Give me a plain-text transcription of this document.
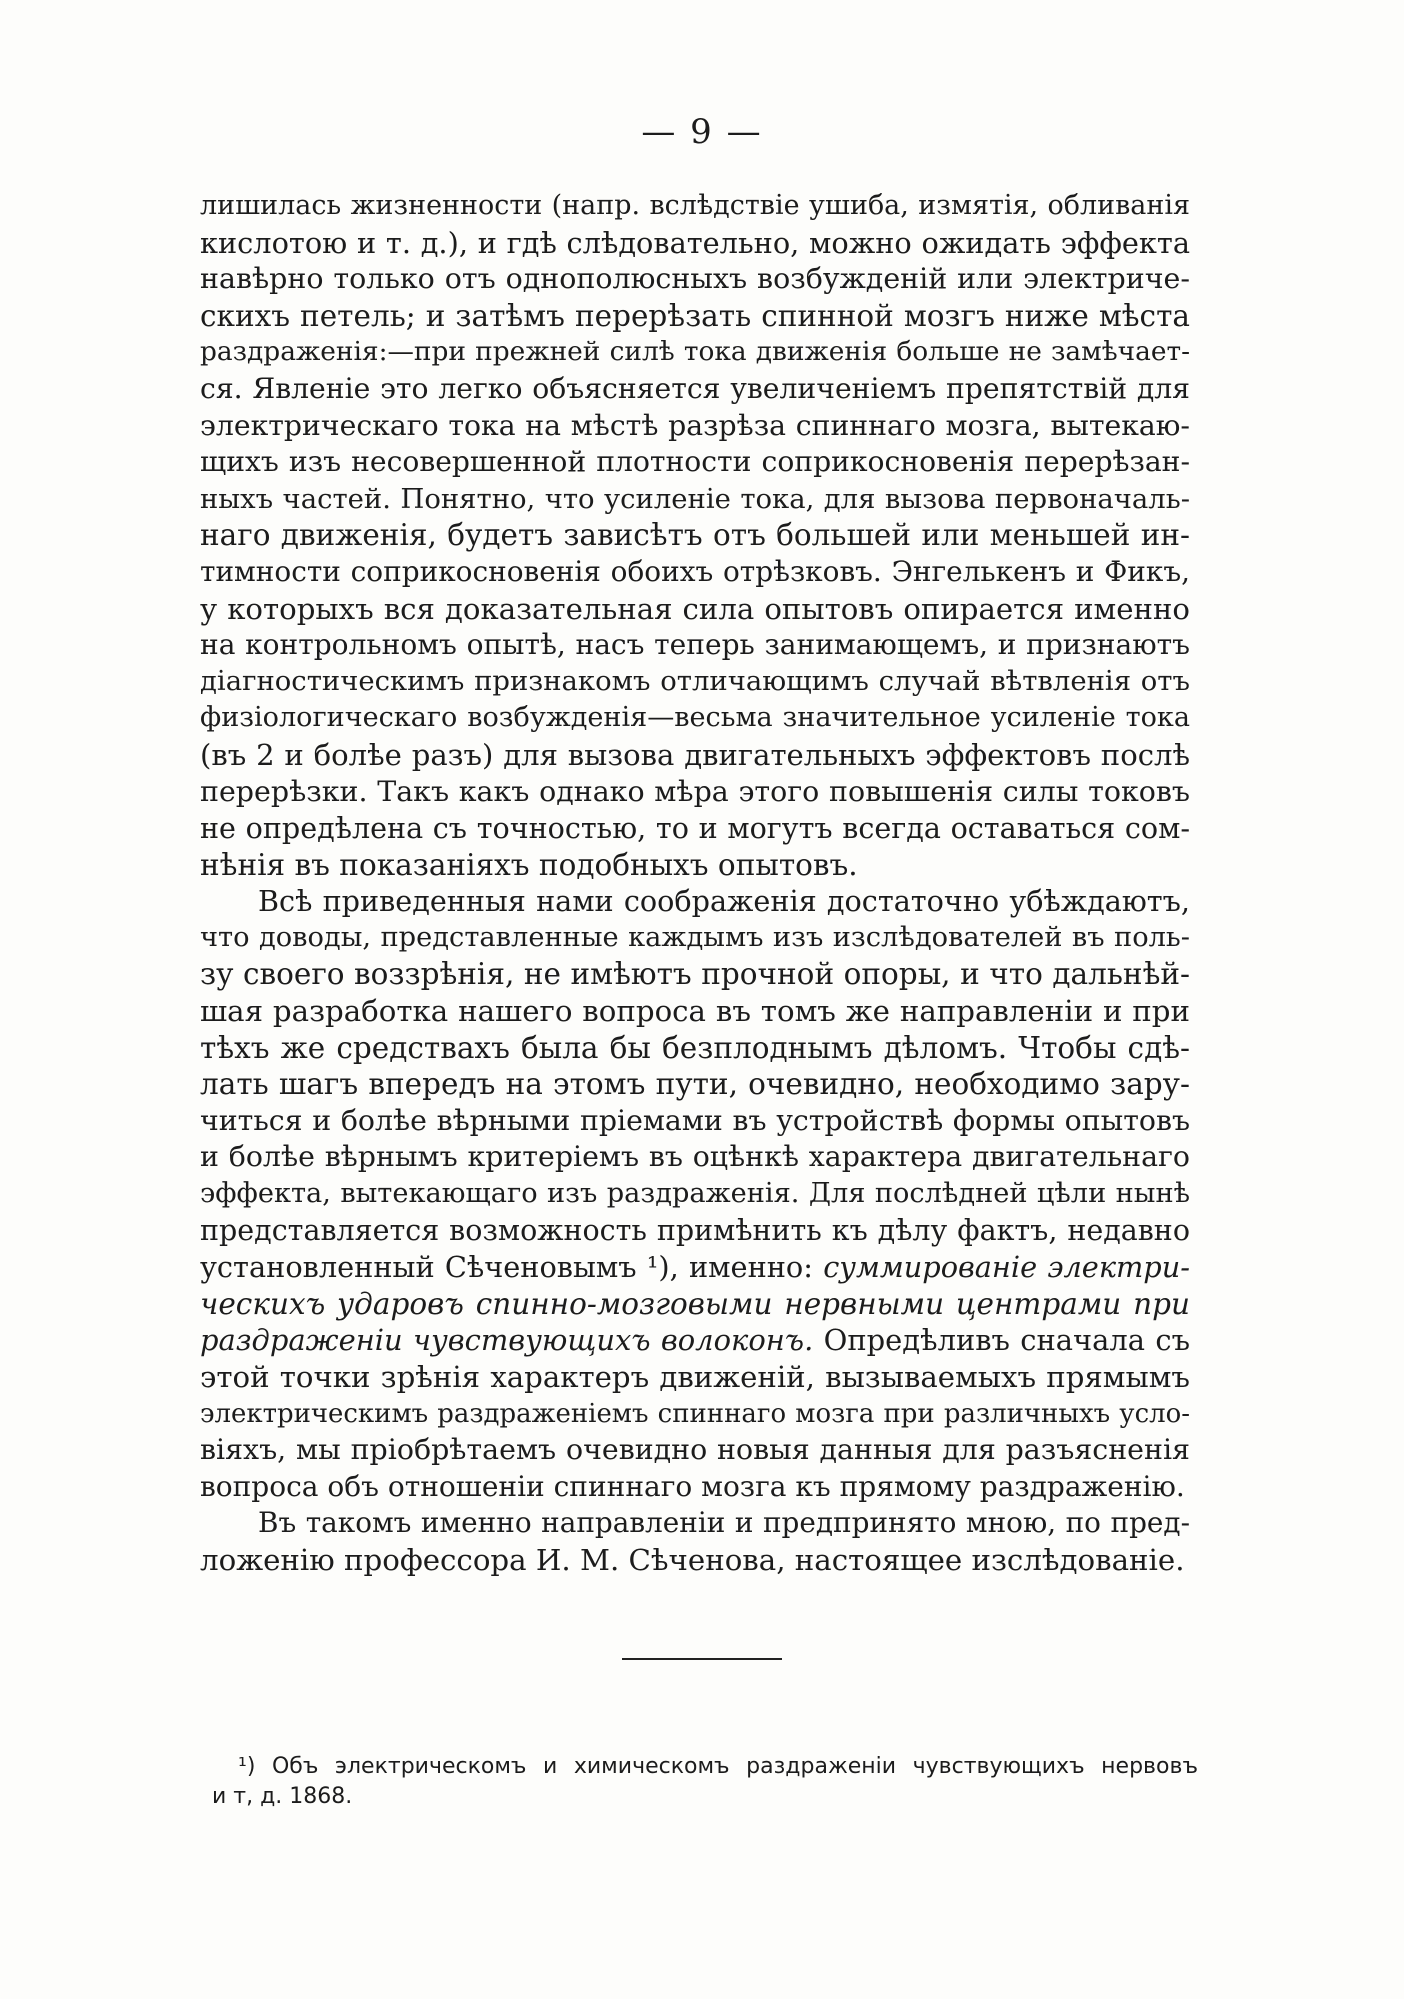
— 9 —
лишилась жизненности (напр. вслѣдствіе ушиба, измятія, обливанія
кислотою и т. д.), и гдѣ слѣдовательно, можно ожидать эффекта
навѣрно только отъ однополюсныхъ возбужденій или электриче-
скихъ петель; и затѣмъ перерѣзать спинной мозгъ ниже мѣста
раздраженія:—при прежней силѣ тока движенія больше не замѣчает-
ся. Явленіе это легко объясняется увеличеніемъ препятствій для
электрическаго тока на мѣстѣ разрѣза спиннаго мозга, вытекаю-
щихъ изъ несовершенной плотности соприкосновенія перерѣзан-
ныхъ частей. Понятно, что усиленіе тока, для вызова первоначаль-
наго движенія, будетъ зависѣтъ отъ большей или меньшей ин-
тимности соприкосновенія обоихъ отрѣзковъ. Энгелькенъ и Фикъ,
у которыхъ вся доказательная сила опытовъ опирается именно
на контрольномъ опытѣ, насъ теперь занимающемъ, и признаютъ
діагностическимъ признакомъ отличающимъ случай вѣтвленія отъ
физіологическаго возбужденія—весьма значительное усиленіе тока
(въ 2 и болѣе разъ) для вызова двигательныхъ эффектовъ послѣ
перерѣзки. Такъ какъ однако мѣра этого повышенія силы токовъ
не опредѣлена съ точностью, то и могутъ всегда оставаться сом-
нѣнія въ показаніяхъ подобныхъ опытовъ.
Всѣ приведенныя нами соображенія достаточно убѣждаютъ,
что доводы, представленные каждымъ изъ изслѣдователей въ поль-
зу своего воззрѣнія, не имѣютъ прочной опоры, и что дальнѣй-
шая разработка нашего вопроса въ томъ же направленіи и при
тѣхъ же средствахъ была бы безплоднымъ дѣломъ. Чтобы сдѣ-
лать шагъ впередъ на этомъ пути, очевидно, необходимо зару-
читься и болѣе вѣрными пріемами въ устройствѣ формы опытовъ
и болѣе вѣрнымъ критеріемъ въ оцѣнкѣ характера двигательнаго
эффекта, вытекающаго изъ раздраженія. Для послѣдней цѣли нынѣ
представляется возможность примѣнить къ дѣлу фактъ, недавно
установленный Сѣченовымъ ¹), именно: суммированіе электри-
ческихъ ударовъ спинно-мозговыми нервными центрами при
раздраженіи чувствующихъ волоконъ. Опредѣливъ сначала съ
этой точки зрѣнія характеръ движеній, вызываемыхъ прямымъ
электрическимъ раздраженіемъ спиннаго мозга при различныхъ усло-
віяхъ, мы пріобрѣтаемъ очевидно новыя данныя для разъясненія
вопроса объ отношеніи спиннаго мозга къ прямому раздраженію.
Въ такомъ именно направленіи и предпринято мною, по пред-
ложенію профессора И. М. Сѣченова, настоящее изслѣдованіе.
¹) Объ электрическомъ и химическомъ раздраженіи чувствующихъ нервовъ
и т, д. 1868.
